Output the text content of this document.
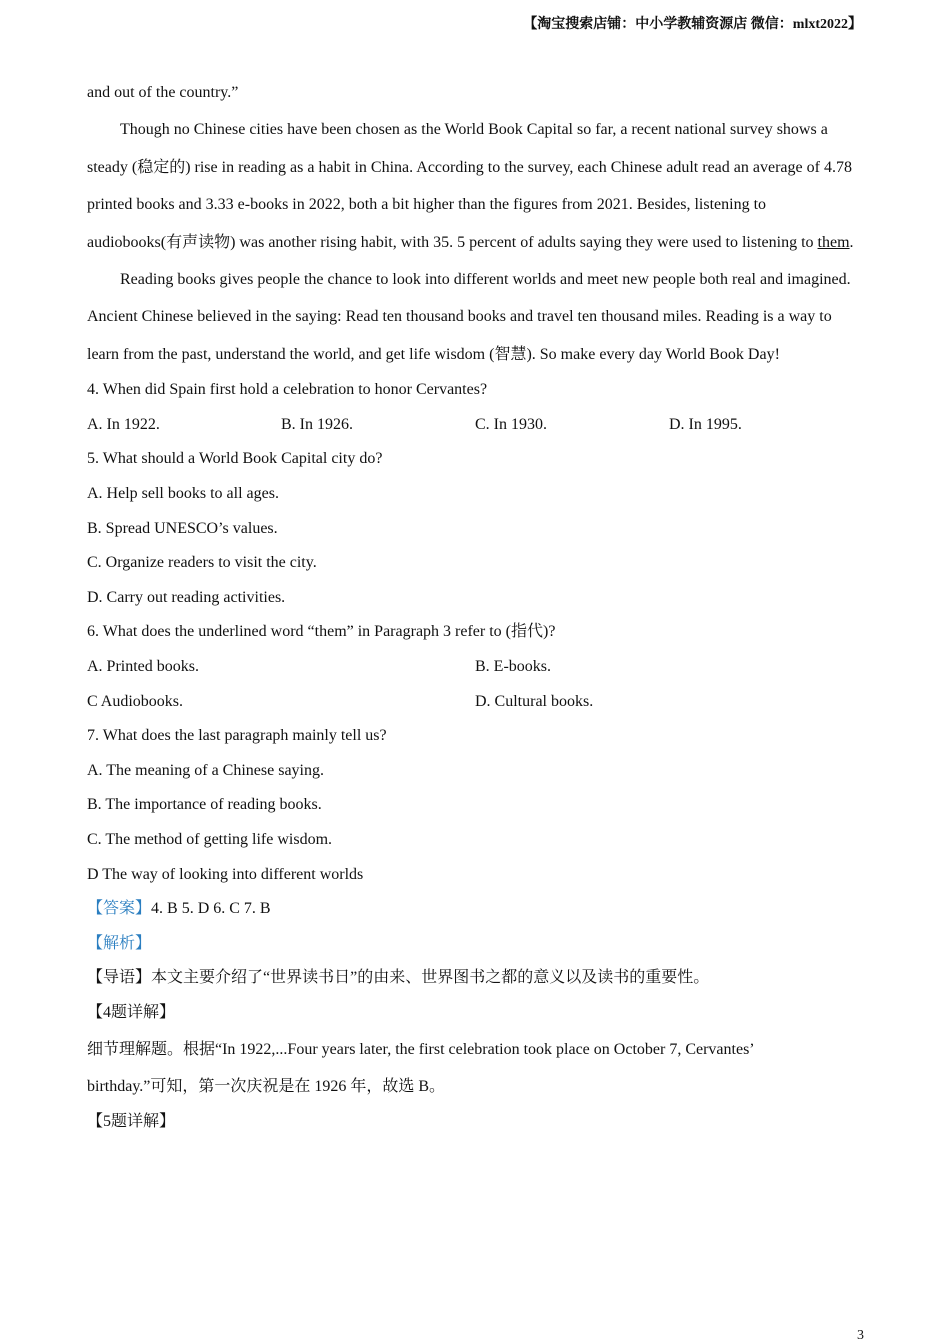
【淘宝搜索店铺：中小学教辅资源店 微信：mlxt2022】

and out of the country.”

Though no Chinese cities have been chosen as the World Book Capital so far, a recent national survey shows a steady (稳定的) rise in reading as a habit in China. According to the survey, each Chinese adult read an average of 4.78 printed books and 3.33 e-books in 2022, both a bit higher than the figures from 2021. Besides, listening to audiobooks(有声读物) was another rising habit, with 35. 5 percent of adults saying they were used to listening to them.

Reading books gives people the chance to look into different worlds and meet new people both real and imagined. Ancient Chinese believed in the saying: Read ten thousand books and travel ten thousand miles. Reading is a way to learn from the past, understand the world, and get life wisdom (智慧). So make every day World Book Day!

4. When did Spain first hold a celebration to honor Cervantes?

A. In 1922.	B. In 1926.	C. In 1930.	D. In 1995.

5. What should a World Book Capital city do?

A. Help sell books to all ages.

B. Spread UNESCO’s values.

C. Organize readers to visit the city.

D. Carry out reading activities.

6. What does the underlined word “them” in Paragraph 3 refer to (指代)?

A. Printed books.	B. E-books.
C Audiobooks.	D. Cultural books.

7. What does the last paragraph mainly tell us?

A. The meaning of a Chinese saying.

B. The importance of reading books.

C. The method of getting life wisdom.

D The way of looking into different worlds

【答案】4. B 5. D 6. C 7. B

【解析】

【导语】本文主要介绍了“世界读书日”的由来、世界图书之都的意义以及读书的重要性。

【4题详解】

细节理解题。根据“In 1922,...Four years later, the first celebration took place on October 7, Cervantes’

birthday.”可知，第一次庆祝是在 1926 年，故选 B。

【5题详解】

3
